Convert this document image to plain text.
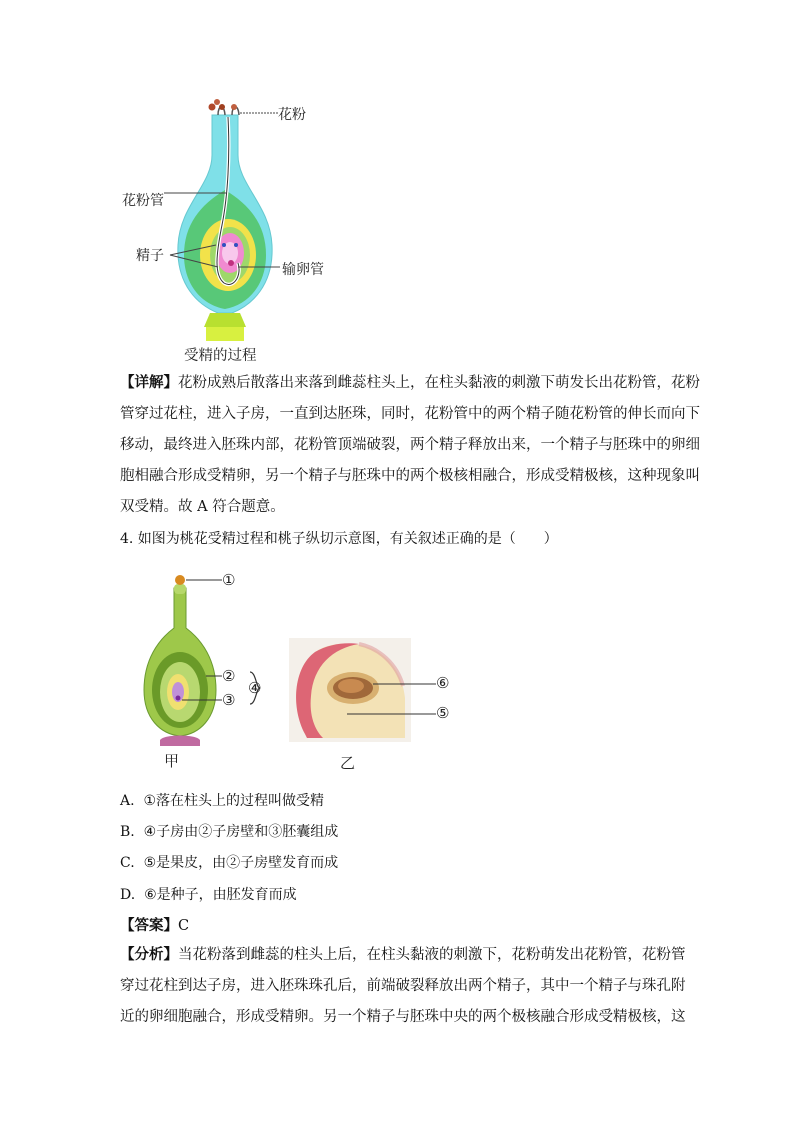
花粉
花粉管
精子
输卵管
受精的过程
【详解】花粉成熟后散落出来落到雌蕊柱头上，在柱头黏液的刺激下萌发长出花粉管，花粉
管穿过花柱，进入子房，一直到达胚珠，同时，花粉管中的两个精子随花粉管的伸长而向下
移动，最终进入胚珠内部，花粉管顶端破裂，两个精子释放出来，一个精子与胚珠中的卵细
胞相融合形成受精卵，另一个精子与胚珠中的两个极核相融合，形成受精极核，这种现象叫
双受精。故 A 符合题意。
4. 如图为桃花受精过程和桃子纵切示意图，有关叙述正确的是（　　）
①
②
③
④	⑥
⑤
甲	乙
A. ①落在柱头上的过程叫做受精
B. ④子房由②子房壁和③胚囊组成
C. ⑤是果皮，由②子房壁发育而成
D. ⑥是种子，由胚发育而成
【答案】C
【分析】当花粉落到雌蕊的柱头上后，在柱头黏液的刺激下，花粉萌发出花粉管，花粉管
穿过花柱到达子房，进入胚珠珠孔后，前端破裂释放出两个精子，其中一个精子与珠孔附
近的卵细胞融合，形成受精卵。另一个精子与胚珠中央的两个极核融合形成受精极核，这
